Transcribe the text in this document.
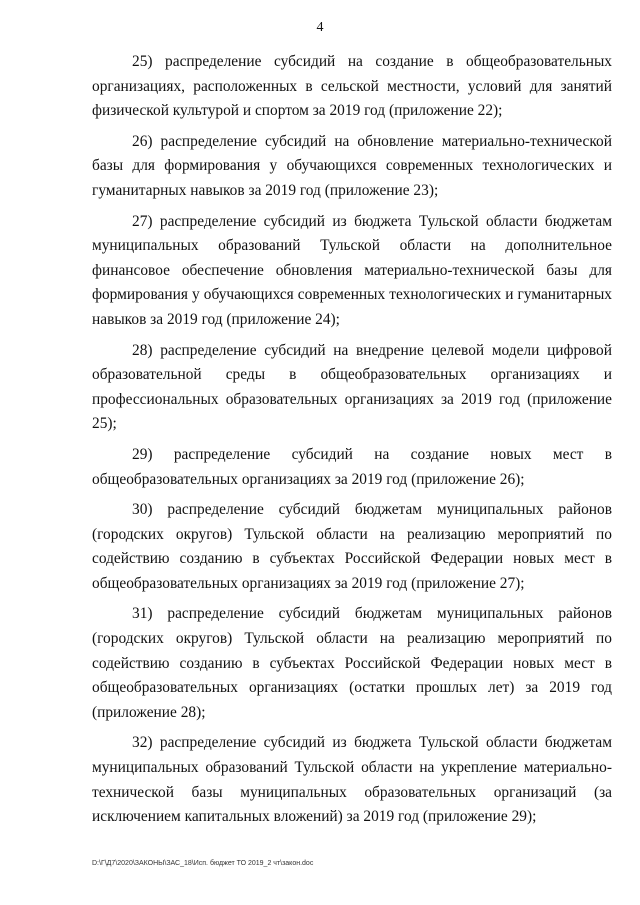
4

25) распределение субсидий на создание в общеобразовательных организациях, расположенных в сельской местности, условий для занятий физической культурой и спортом за 2019 год (приложение 22);

26) распределение субсидий на обновление материально-технической базы для формирования у обучающихся современных технологических и гуманитарных навыков за 2019 год (приложение 23);

27) распределение субсидий из бюджета Тульской области бюджетам муниципальных образований Тульской области на дополнительное финансовое обеспечение обновления материально-технической базы для формирования у обучающихся современных технологических и гуманитарных навыков за 2019 год (приложение 24);

28) распределение субсидий на внедрение целевой модели цифровой образовательной среды в общеобразовательных организациях и профессиональных образовательных организациях за 2019 год (приложение 25);

29) распределение субсидий на создание новых мест в общеобразовательных организациях за 2019 год (приложение 26);

30) распределение субсидий бюджетам муниципальных районов (городских округов) Тульской области на реализацию мероприятий по содействию созданию в субъектах Российской Федерации новых мест в общеобразовательных организациях за 2019 год (приложение 27);

31) распределение субсидий бюджетам муниципальных районов (городских округов) Тульской области на реализацию мероприятий по содействию созданию в субъектах Российской Федерации новых мест в общеобразовательных организациях (остатки прошлых лет) за 2019 год (приложение 28);

32) распределение субсидий из бюджета Тульской области бюджетам муниципальных образований Тульской области на укрепление материально-технической базы муниципальных образовательных организаций (за исключением капитальных вложений) за 2019 год (приложение 29);

D:\Г\Д7\2020\ЗАКОНЫ\ЗАС_18\Исп. бюджет ТО 2019_2 чт\закон.doc
